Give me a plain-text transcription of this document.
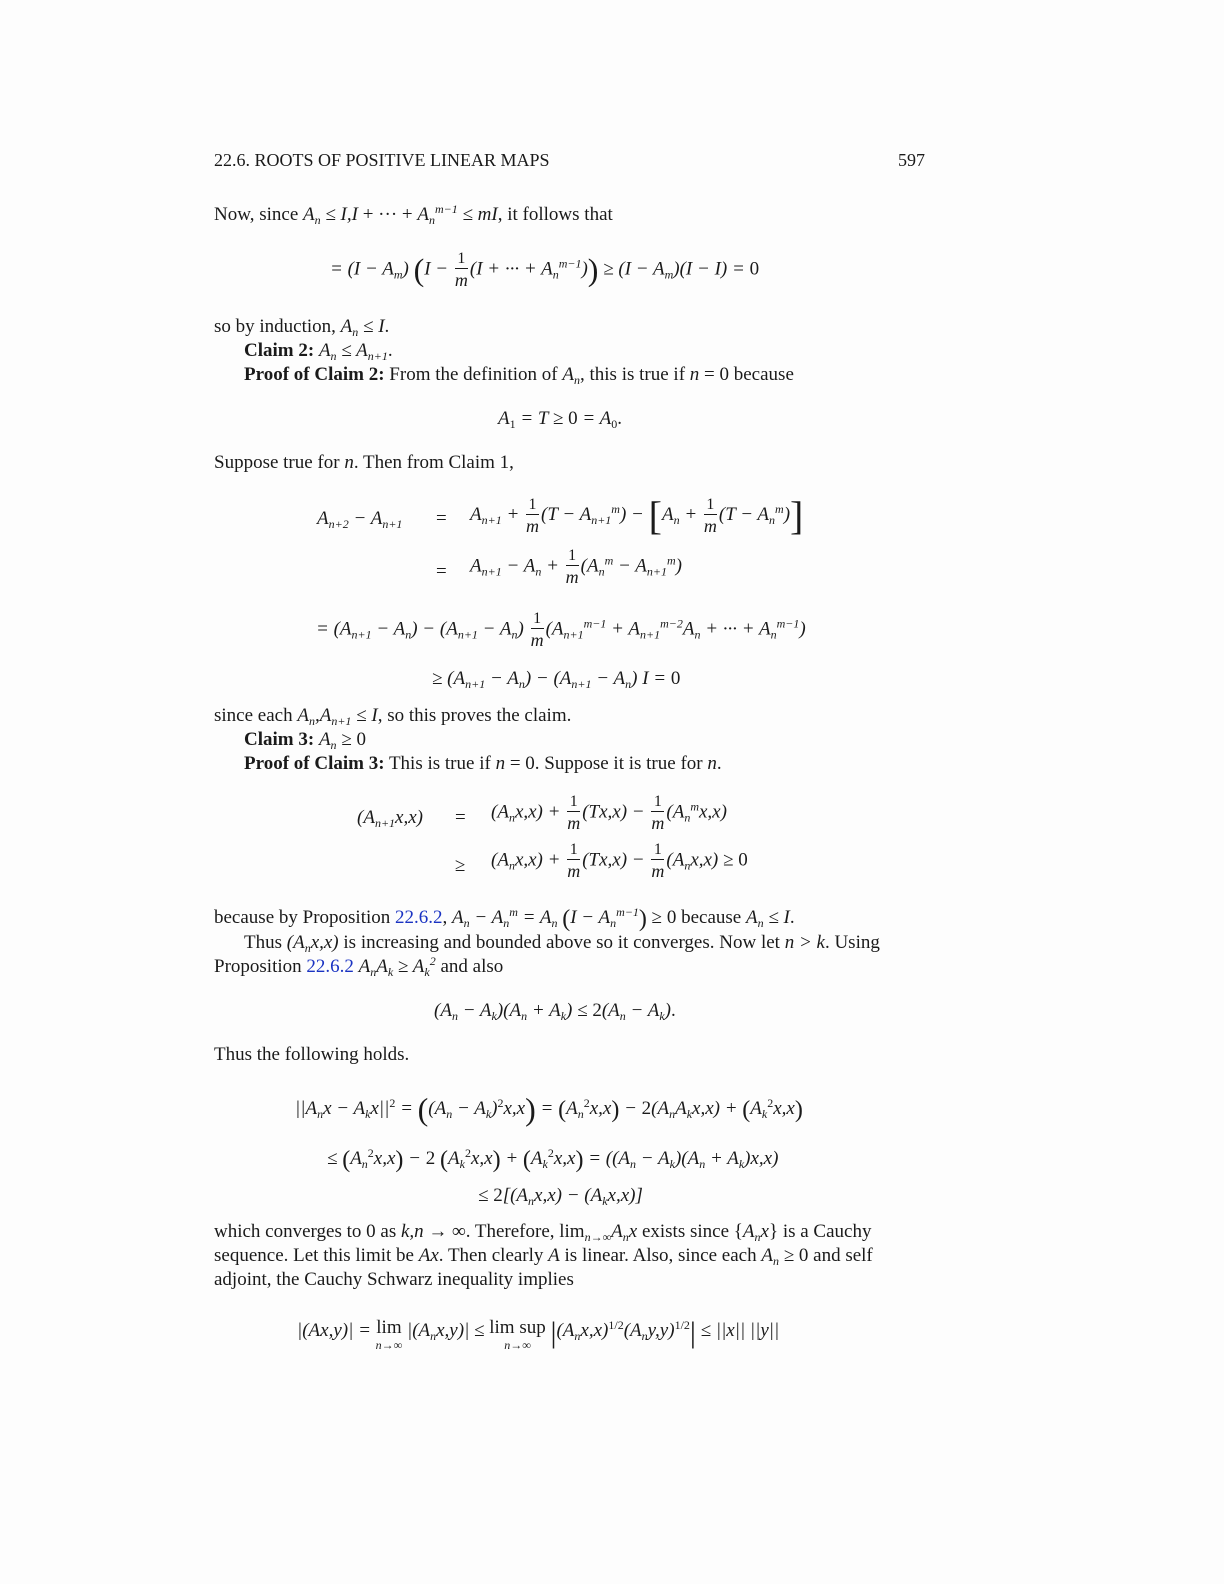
22.6. ROOTS OF POSITIVE LINEAR MAPS	597
Now, since $A_n \le I,I$ + ··· + $A_n^{m-1}$ ≤ mI, it follows that
= $(I - A_m)$ ($I - \frac{1}{m} (I$ + ··· + $A_n^{m-1})) \ge (I - A_m)(I - I) = 0$
so by induction, $A_n \le I$.
Claim 2: $A_n \le A_{n+1}$.
Proof of Claim 2: From the definition of $A_n$, this is true if n = 0 because
$A_1 = T \ge 0 = A_0$.
Suppose true for n. Then from Claim 1,
$A_{n+2} - A_{n+1} = A_{n+1} + \frac{1}{m} (T - A_{n+1}^m) - [A_n + \frac{1}{m} (T - A_n^m)]$
= $A_{n+1} - A_n + \frac{1}{m} (A_n^m - A_{n+1}^m)$
= $(A_{n+1} - A_n) - (A_{n+1} - A_n) \frac{1}{m} (A_{n+1}^{m-1} + A_{n+1}^{m-2}A_n$ + ··· + $A_n^{m-1}$)
≥ $(A_{n+1} - A_n) - (A_{n+1} - A_n) I = 0$
since each $A_n,A_{n+1} \le I$, so this proves the claim.
Claim 3: $A_n \ge 0$
Proof of Claim 3: This is true if n = 0. Suppose it is true for n.
$(A_{n+1}x,x) = (A_nx,x) + \frac{1}{m} (Tx,x) - \frac{1}{m} (A_n^mx,x)$
≥ $(A_nx,x) + \frac{1}{m} (Tx,x) - \frac{1}{m} (A_nx,x) \ge 0$
because by Proposition 22.6.2, $A_n - A_n^m = A_n$ $(I - A_n^{m-1}) \ge 0$ because $A_n \le I$.
Thus $(A_nx,x)$ is increasing and bounded above so it converges. Now let n > k. Using
Proposition 22.6.2 $A_nA_k \ge A_k^2$ and also
$(A_n - A_k)(A_n + A_k) \le 2(A_n - A_k)$.
Thus the following holds.
$||A_nx - A_kx||^2 = ((A_n - A_k)^2x,x) = (A_n^2x,x) - 2(A_nA_kx,x) + (A_k^2x,x)$
≤ $(A_n^2x,x) - 2$ $(A_k^2x,x) + (A_k^2x,x) = ((A_n - A_k)(A_n + A_k)x,x)$
≤ $2[(A_nx,x) - (A_kx,x)]$
which converges to 0 as k,n → ∞. Therefore, $\lim_{n\to\infty}A_nx$ exists since $\{A_nx\}$ is a Cauchy
sequence. Let this limit be Ax. Then clearly A is linear. Also, since each $A_n \ge 0$ and self
adjoint, the Cauchy Schwarz inequality implies
|(Ax,y)| = lim
n→∞
$|(A_nx,y)| \le \lim$ sup
n→∞ $|(A_nx,x)^{1/2}(A_ny,y)^{1/2}| \le ||x||$ ||y||
